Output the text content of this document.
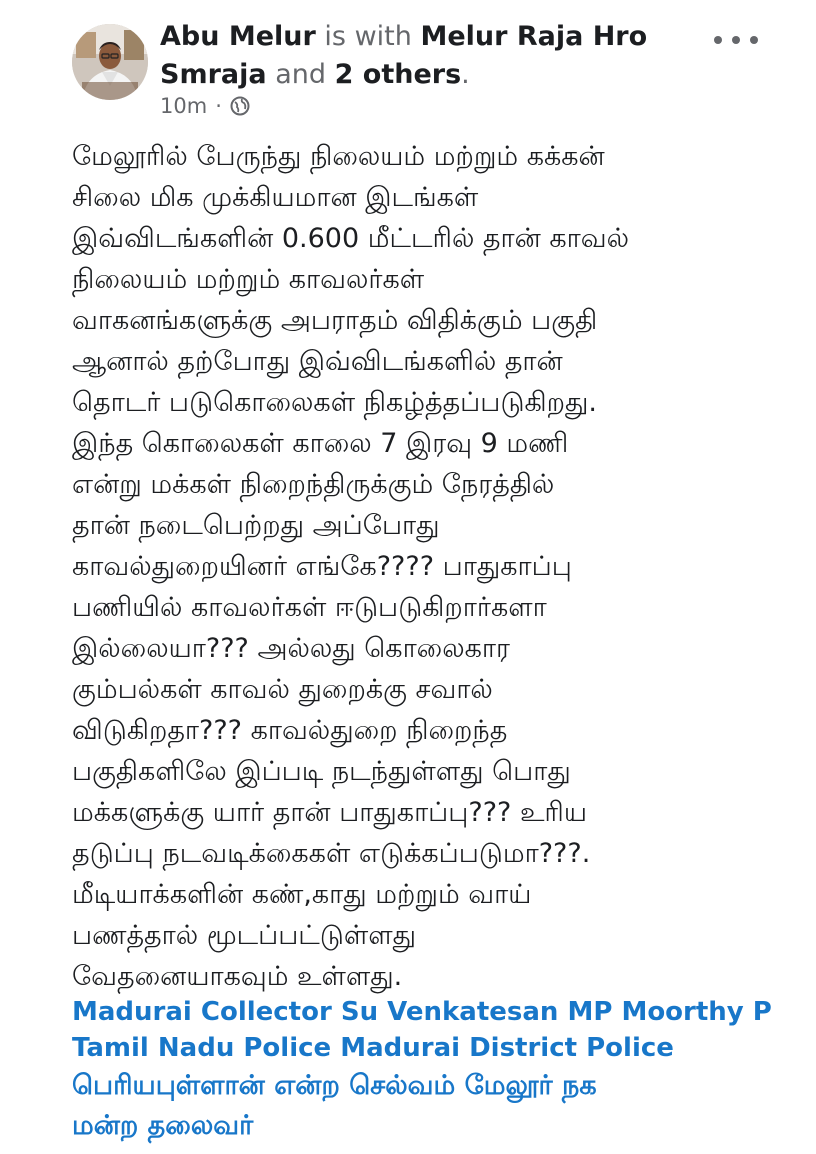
Abu Melur is with Melur Raja Hro
Smraja and 2 others.
10m ·
மேலூரில் பேருந்து நிலையம் மற்றும் கக்கன்
சிலை மிக முக்கியமான இடங்கள்
இவ்விடங்களின் 0.600 மீட்டரில் தான் காவல்
நிலையம் மற்றும் காவலர்கள்
வாகனங்களுக்கு அபராதம் விதிக்கும் பகுதி
ஆனால் தற்போது இவ்விடங்களில் தான்
தொடர் படுகொலைகள் நிகழ்த்தப்படுகிறது.
இந்த கொலைகள் காலை 7 இரவு 9 மணி
என்று மக்கள் நிறைந்திருக்கும் நேரத்தில்
தான் நடைபெற்றது அப்போது
காவல்துறையினர் எங்கே???? பாதுகாப்பு
பணியில் காவலர்கள் ஈடுபடுகிறார்களா
இல்லையா??? அல்லது கொலைகார
கும்பல்கள் காவல் துறைக்கு சவால்
விடுகிறதா??? காவல்துறை நிறைந்த
பகுதிகளிலே இப்படி நடந்துள்ளது பொது
மக்களுக்கு யார் தான் பாதுகாப்பு??? உரிய
தடுப்பு நடவடிக்கைகள் எடுக்கப்படுமா???.
மீடியாக்களின் கண்,காது மற்றும் வாய்
பணத்தால் மூடப்பட்டுள்ளது
வேதனையாகவும் உள்ளது.
Madurai Collector Su Venkatesan MP Moorthy P
Tamil Nadu Police Madurai District Police
பெரியபுள்ளான் என்ற செல்வம் மேலூர் நக
மன்ற தலைவர்
